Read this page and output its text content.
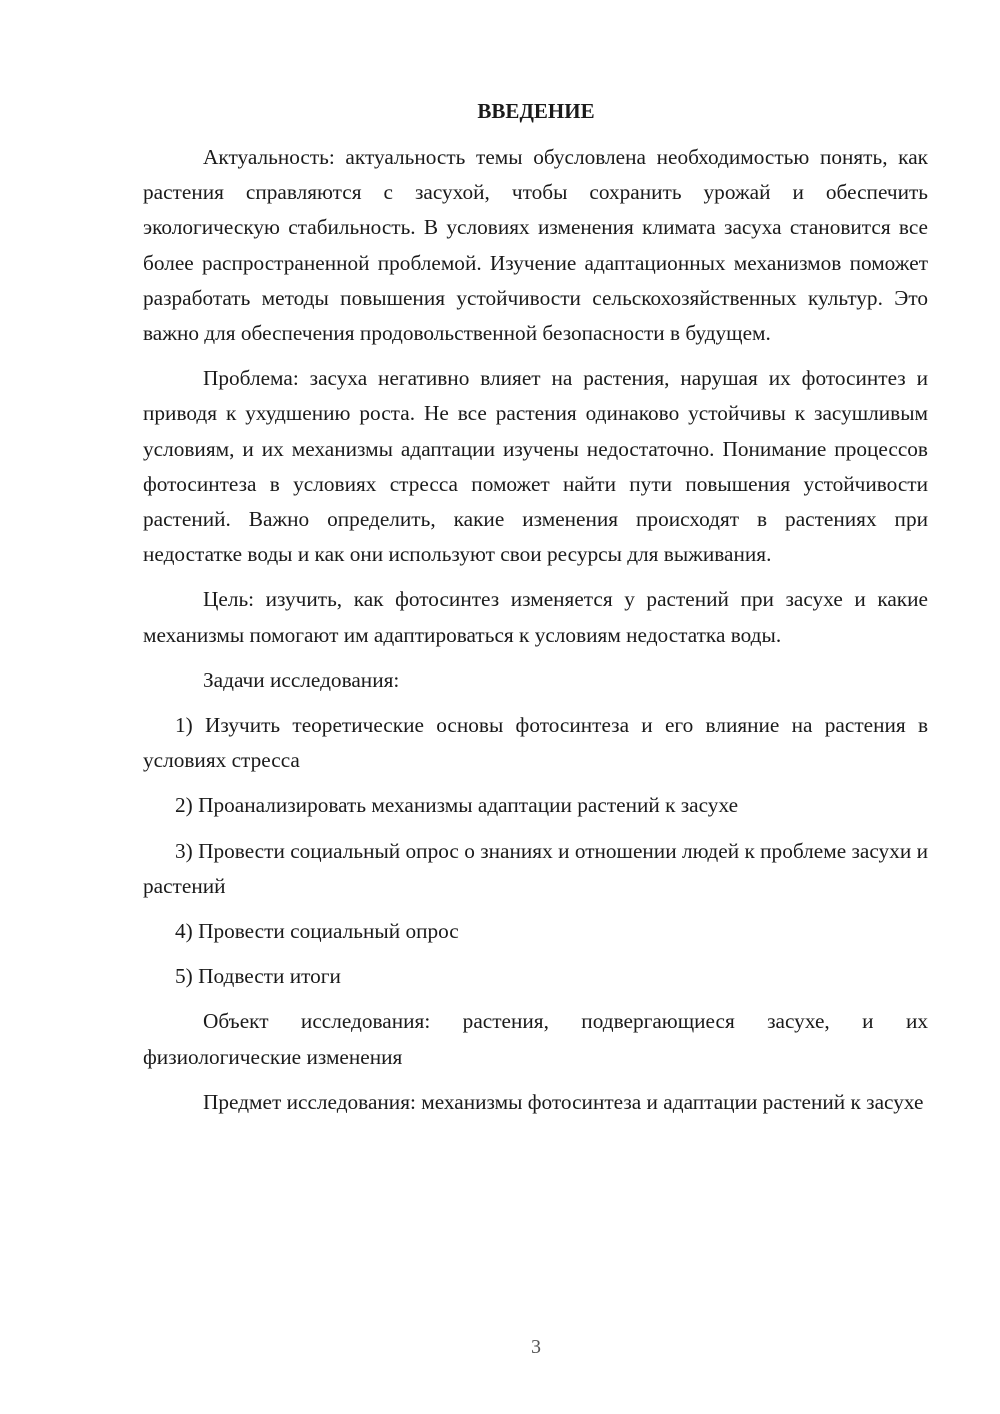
ВВЕДЕНИЕ

Актуальность: актуальность темы обусловлена необходимостью понять, как растения справляются с засухой, чтобы сохранить урожай и обеспечить экологическую стабильность. В условиях изменения климата засуха становится все более распространенной проблемой. Изучение адаптационных механизмов поможет разработать методы повышения устойчивости сельскохозяйственных культур. Это важно для обеспечения продовольственной безопасности в будущем.

Проблема: засуха негативно влияет на растения, нарушая их фотосинтез и приводя к ухудшению роста. Не все растения одинаково устойчивы к засушливым условиям, и их механизмы адаптации изучены недостаточно. Понимание процессов фотосинтеза в условиях стресса поможет найти пути повышения устойчивости растений. Важно определить, какие изменения происходят в растениях при недостатке воды и как они используют свои ресурсы для выживания.

Цель: изучить, как фотосинтез изменяется у растений при засухе и какие механизмы помогают им адаптироваться к условиям недостатка воды.

Задачи исследования:

1) Изучить теоретические основы фотосинтеза и его влияние на растения в условиях стресса

2) Проанализировать механизмы адаптации растений к засухе

3) Провести социальный опрос о знаниях и отношении людей к проблеме засухи и растений

4) Провести социальный опрос

5) Подвести итоги

Объект исследования: растения, подвергающиеся засухе, и их физиологические изменения

Предмет исследования: механизмы фотосинтеза и адаптации растений к засухе

3
